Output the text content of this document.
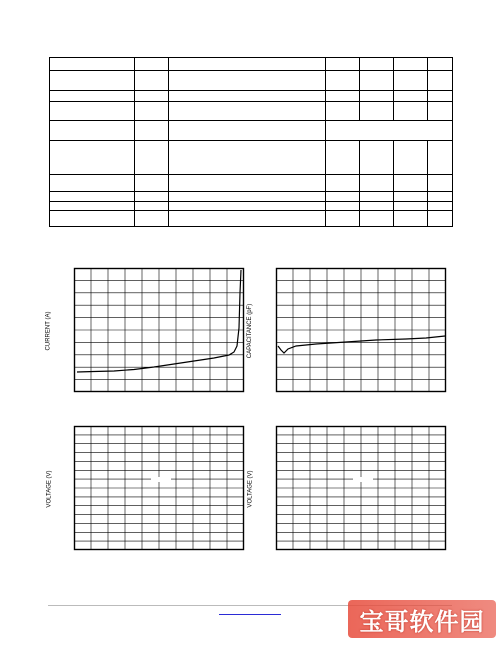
CURRENT (A)	CAPACITANCE (pF)
VOLTAGE (V)	VOLTAGE (V)
宝哥软件园
